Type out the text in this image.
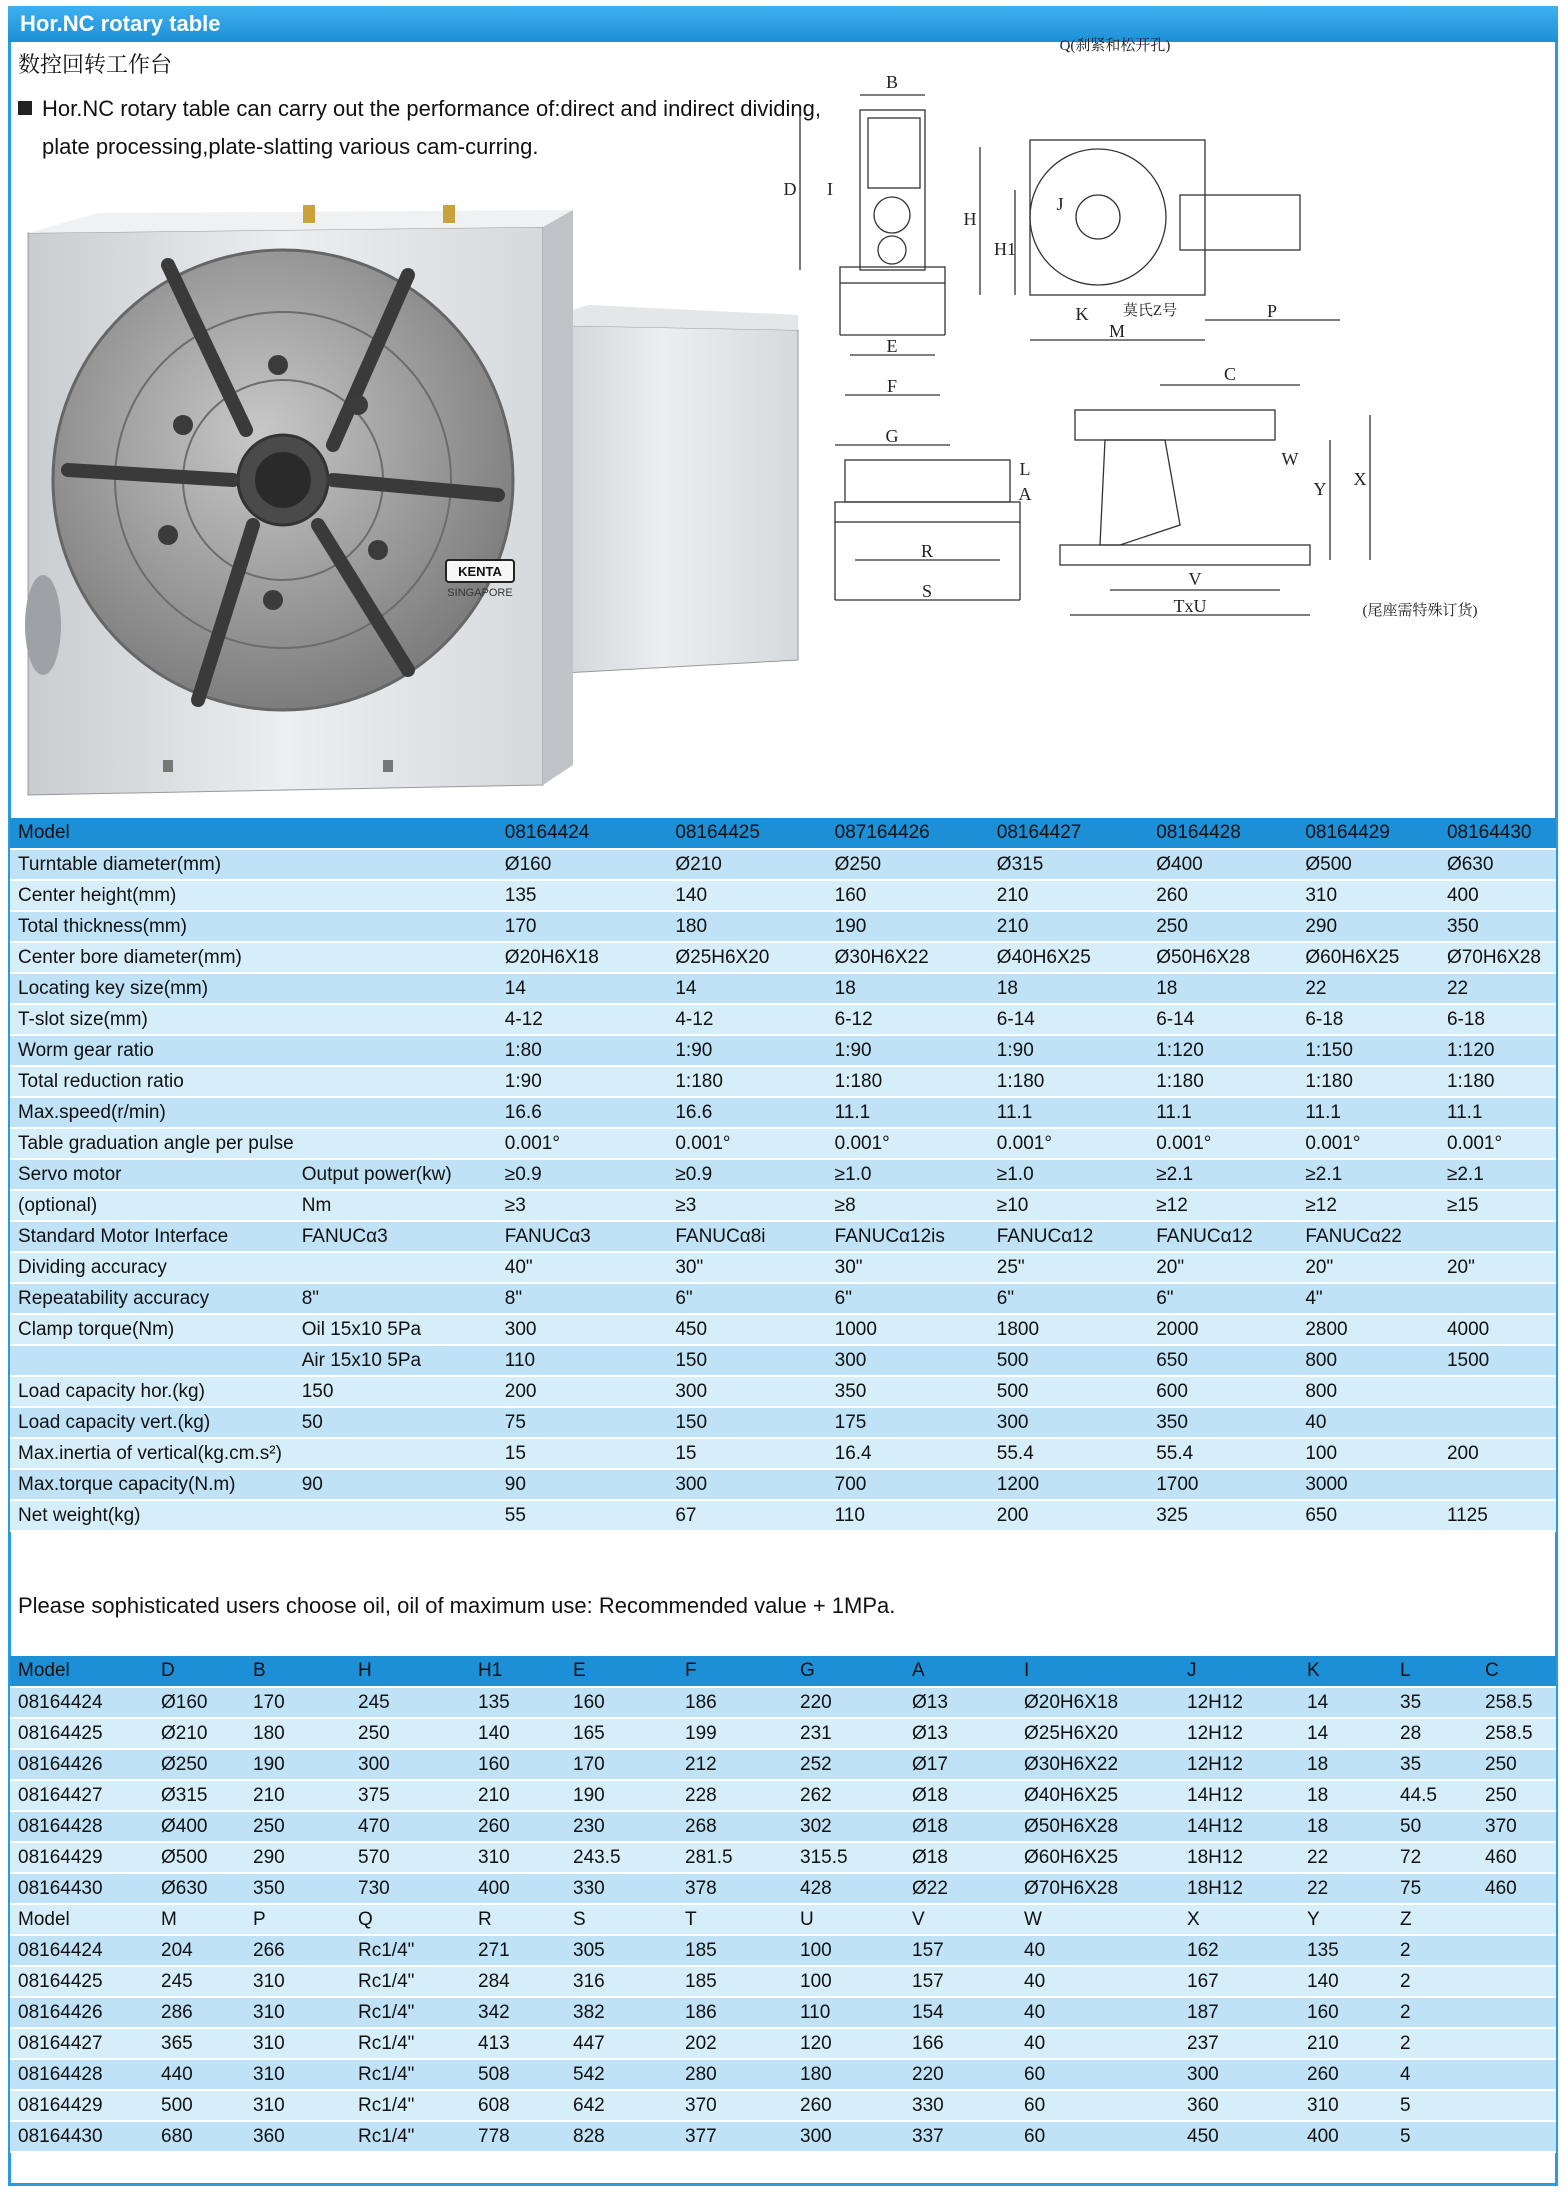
Hor.NC rotary table
数控回转工作台
Hor.NC rotary table can carry out the performance of:direct and indirect dividing,
plate processing,plate-slatting various cam-curring.
KENTA
SINGAPORE
Q(刹紧和松开孔)
B
D I
E
F
G
H
H1
J
K
M
P
L
A
R
S
C
莫氏Z号
W
Y X
V
TxU	(尾座需特殊订货)
Model		08164424	08164425	087164426	08164427	08164428	08164429	08164430
Turntable diameter(mm)		Ø160	Ø210	Ø250	Ø315	Ø400	Ø500	Ø630
Center height(mm)		135	140	160	210	260	310	400
Total thickness(mm)		170	180	190	210	250	290	350
Center bore diameter(mm)		Ø20H6X18	Ø25H6X20	Ø30H6X22	Ø40H6X25	Ø50H6X28	Ø60H6X25	Ø70H6X28
Locating key size(mm)		14	14	18	18	18	22	22
T-slot size(mm)		4-12	4-12	6-12	6-14	6-14	6-18	6-18
Worm gear ratio		1:80	1:90	1:90	1:90	1:120	1:150	1:120
Total reduction ratio		1:90	1:180	1:180	1:180	1:180	1:180	1:180
Max.speed(r/min)		16.6	16.6	11.1	11.1	11.1	11.1	11.1
Table graduation angle per pulse		0.001°	0.001°	0.001°	0.001°	0.001°	0.001°	0.001°
Servo motor	Output power(kw)	≥0.9	≥0.9	≥1.0	≥1.0	≥2.1	≥2.1	≥2.1
(optional)	Nm	≥3	≥3	≥8	≥10	≥12	≥12	≥15
Standard Motor Interface	FANUCα3	FANUCα3	FANUCα8i	FANUCα12is	FANUCα12	FANUCα12	FANUCα22	
Dividing accuracy		40"	30"	30"	25"	20"	20"	20"
Repeatability accuracy	8"	8"	6"	6"	6"	6"	4"	
Clamp torque(Nm)	Oil 15x10 5Pa	300	450	1000	1800	2000	2800	4000
	Air 15x10 5Pa	110	150	300	500	650	800	1500
Load capacity hor.(kg)	150	200	300	350	500	600	800	
Load capacity vert.(kg)	50	75	150	175	300	350	40	
Max.inertia of vertical(kg.cm.s²)		15	15	16.4	55.4	55.4	100	200
Max.torque capacity(N.m)	90	90	300	700	1200	1700	3000	
Net weight(kg)		55	67	110	200	325	650	1125
Please sophisticated users choose oil, oil of maximum use: Recommended value + 1MPa.
Model	D	B	H	H1	E	F	G	A	I	J	K	L	C
08164424	Ø160	170	245	135	160	186	220	Ø13	Ø20H6X18	12H12	14	35	258.5
08164425	Ø210	180	250	140	165	199	231	Ø13	Ø25H6X20	12H12	14	28	258.5
08164426	Ø250	190	300	160	170	212	252	Ø17	Ø30H6X22	12H12	18	35	250
08164427	Ø315	210	375	210	190	228	262	Ø18	Ø40H6X25	14H12	18	44.5	250
08164428	Ø400	250	470	260	230	268	302	Ø18	Ø50H6X28	14H12	18	50	370
08164429	Ø500	290	570	310	243.5	281.5	315.5	Ø18	Ø60H6X25	18H12	22	72	460
08164430	Ø630	350	730	400	330	378	428	Ø22	Ø70H6X28	18H12	22	75	460
Model	M	P	Q	R	S	T	U	V	W	X	Y	Z	
08164424	204	266	Rc1/4"	271	305	185	100	157	40	162	135	2	
08164425	245	310	Rc1/4"	284	316	185	100	157	40	167	140	2	
08164426	286	310	Rc1/4"	342	382	186	110	154	40	187	160	2	
08164427	365	310	Rc1/4"	413	447	202	120	166	40	237	210	2	
08164428	440	310	Rc1/4"	508	542	280	180	220	60	300	260	4	
08164429	500	310	Rc1/4"	608	642	370	260	330	60	360	310	5	
08164430	680	360	Rc1/4"	778	828	377	300	337	60	450	400	5	
